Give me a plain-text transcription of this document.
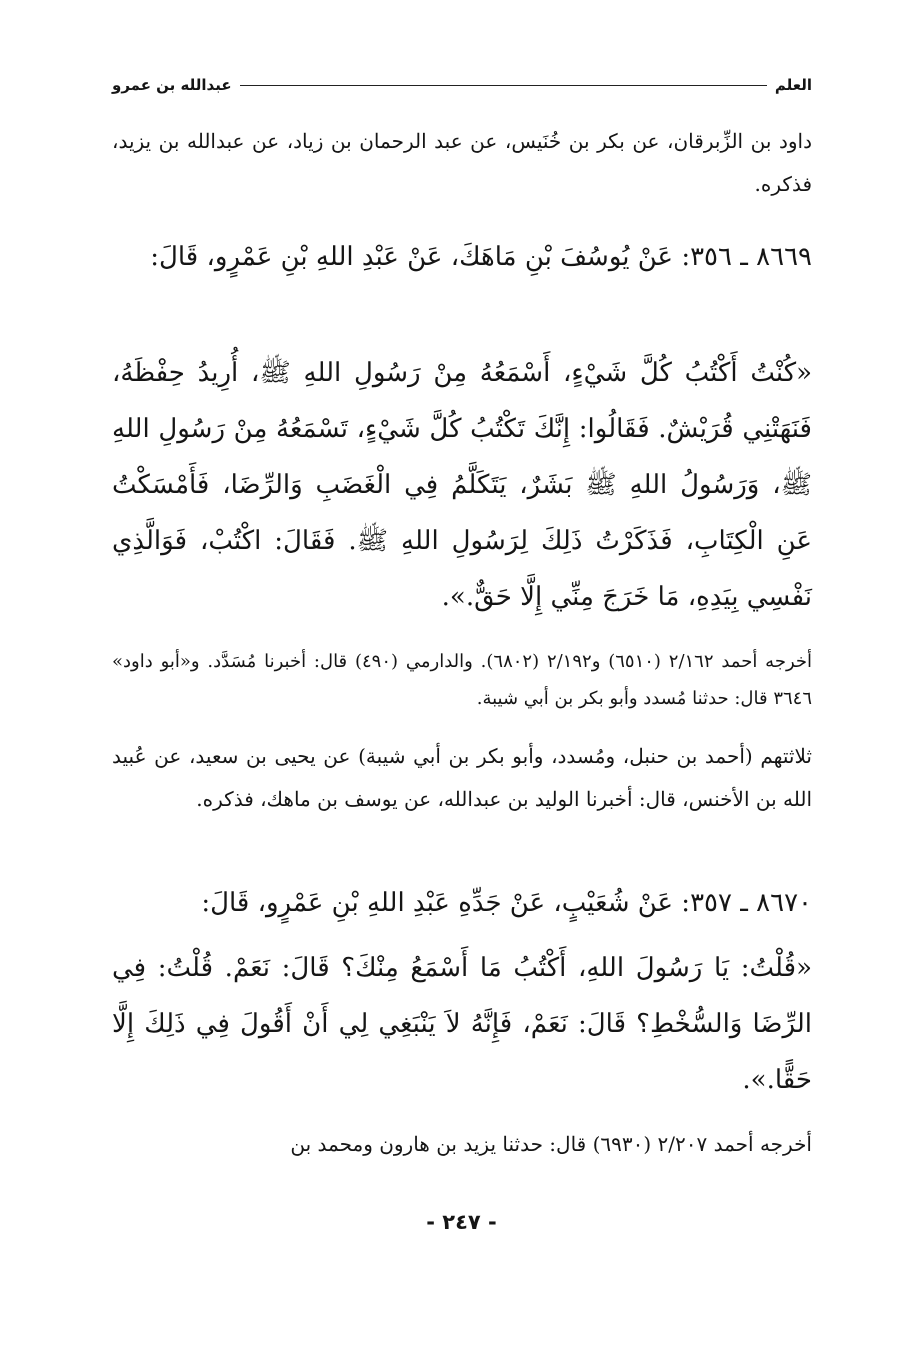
العلم
عبدالله بن عمرو
داود بن الزِّبرقان، عن بكر بن خُنَيس، عن عبد الرحمان بن زياد، عن عبدالله بن يزيد، فذكره.
٨٦٦٩ ـ ٣٥٦: عَنْ يُوسُفَ بْنِ مَاهَكَ، عَنْ عَبْدِ اللهِ بْنِ عَمْرٍو، قَالَ:
«كُنْتُ أَكْتُبُ كُلَّ شَيْءٍ، أَسْمَعُهُ مِنْ رَسُولِ اللهِ ﷺ، أُرِيدُ حِفْظَهُ، فَنَهَتْنِي قُرَيْشٌ. فَقَالُوا: إِنَّكَ تَكْتُبُ كُلَّ شَيْءٍ، تَسْمَعُهُ مِنْ رَسُولِ اللهِ ﷺ، وَرَسُولُ اللهِ ﷺ بَشَرٌ، يَتَكَلَّمُ فِي الْغَضَبِ وَالرِّضَا، فَأَمْسَكْتُ عَنِ الْكِتَابِ، فَذَكَرْتُ ذَلِكَ لِرَسُولِ اللهِ ﷺ. فَقَالَ: اكْتُبْ، فَوَالَّذِي نَفْسِي بِيَدِهِ، مَا خَرَجَ مِنِّي إِلَّا حَقٌّ.».
أخرجه أحمد ٢/١٦٢ (٦٥١٠) و٢/١٩٢ (٦٨٠٢). والدارمي (٤٩٠) قال: أخبرنا مُسَدَّد. و«أبو داود» ٣٦٤٦ قال: حدثنا مُسدد وأبو بكر بن أبي شيبة.
ثلاثتهم (أحمد بن حنبل، ومُسدد، وأبو بكر بن أبي شيبة) عن يحيى بن سعيد، عن عُبيد الله بن الأخنس، قال: أخبرنا الوليد بن عبدالله، عن يوسف بن ماهك، فذكره.
٨٦٧٠ ـ ٣٥٧: عَنْ شُعَيْبٍ، عَنْ جَدِّهِ عَبْدِ اللهِ بْنِ عَمْرٍو، قَالَ:
«قُلْتُ: يَا رَسُولَ اللهِ، أَكْتُبُ مَا أَسْمَعُ مِنْكَ؟ قَالَ: نَعَمْ. قُلْتُ: فِي الرِّضَا وَالسُّخْطِ؟ قَالَ: نَعَمْ، فَإِنَّهُ لاَ يَنْبَغِي لِي أَنْ أَقُولَ فِي ذَلِكَ إِلَّا حَقًّا.».
أخرجه أحمد ٢/٢٠٧ (٦٩٣٠) قال: حدثنا يزيد بن هارون ومحمد بن
- ٢٤٧ -
